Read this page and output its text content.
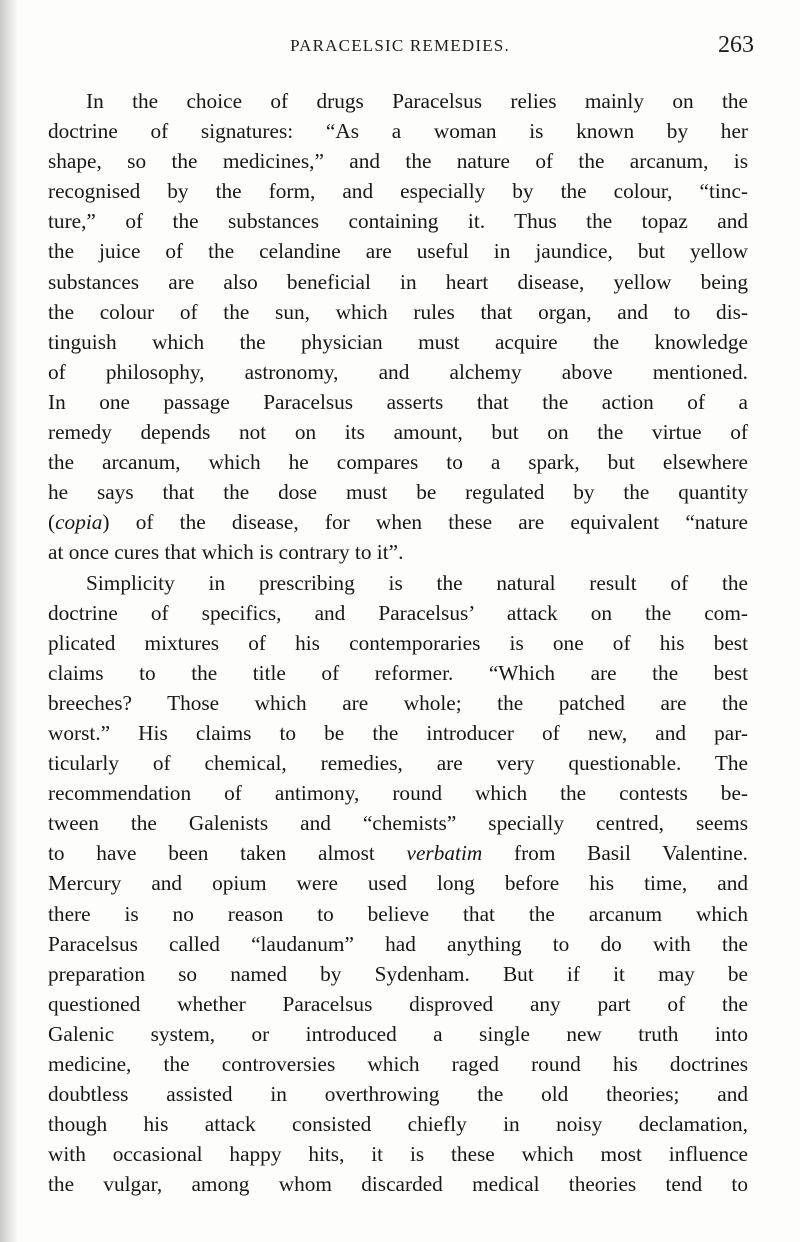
PARACELSIC REMEDIES.	263
In the choice of drugs Paracelsus relies mainly on the
doctrine of signatures: “As a woman is known by her
shape, so the medicines,” and the nature of the arcanum, is
recognised by the form, and especially by the colour, “tinc-
ture,” of the substances containing it. Thus the topaz and
the juice of the celandine are useful in jaundice, but yellow
substances are also beneficial in heart disease, yellow being
the colour of the sun, which rules that organ, and to dis-
tinguish which the physician must acquire the knowledge
of philosophy, astronomy, and alchemy above mentioned.
In one passage Paracelsus asserts that the action of a
remedy depends not on its amount, but on the virtue of
the arcanum, which he compares to a spark, but elsewhere
he says that the dose must be regulated by the quantity
(copia) of the disease, for when these are equivalent “nature
at once cures that which is contrary to it”.
Simplicity in prescribing is the natural result of the
doctrine of specifics, and Paracelsus’ attack on the com-
plicated mixtures of his contemporaries is one of his best
claims to the title of reformer. “Which are the best
breeches? Those which are whole; the patched are the
worst.” His claims to be the introducer of new, and par-
ticularly of chemical, remedies, are very questionable. The
recommendation of antimony, round which the contests be-
tween the Galenists and “chemists” specially centred, seems
to have been taken almost verbatim from Basil Valentine.
Mercury and opium were used long before his time, and
there is no reason to believe that the arcanum which
Paracelsus called “laudanum” had anything to do with the
preparation so named by Sydenham. But if it may be
questioned whether Paracelsus disproved any part of the
Galenic system, or introduced a single new truth into
medicine, the controversies which raged round his doctrines
doubtless assisted in overthrowing the old theories; and
though his attack consisted chiefly in noisy declamation,
with occasional happy hits, it is these which most influence
the vulgar, among whom discarded medical theories tend to
